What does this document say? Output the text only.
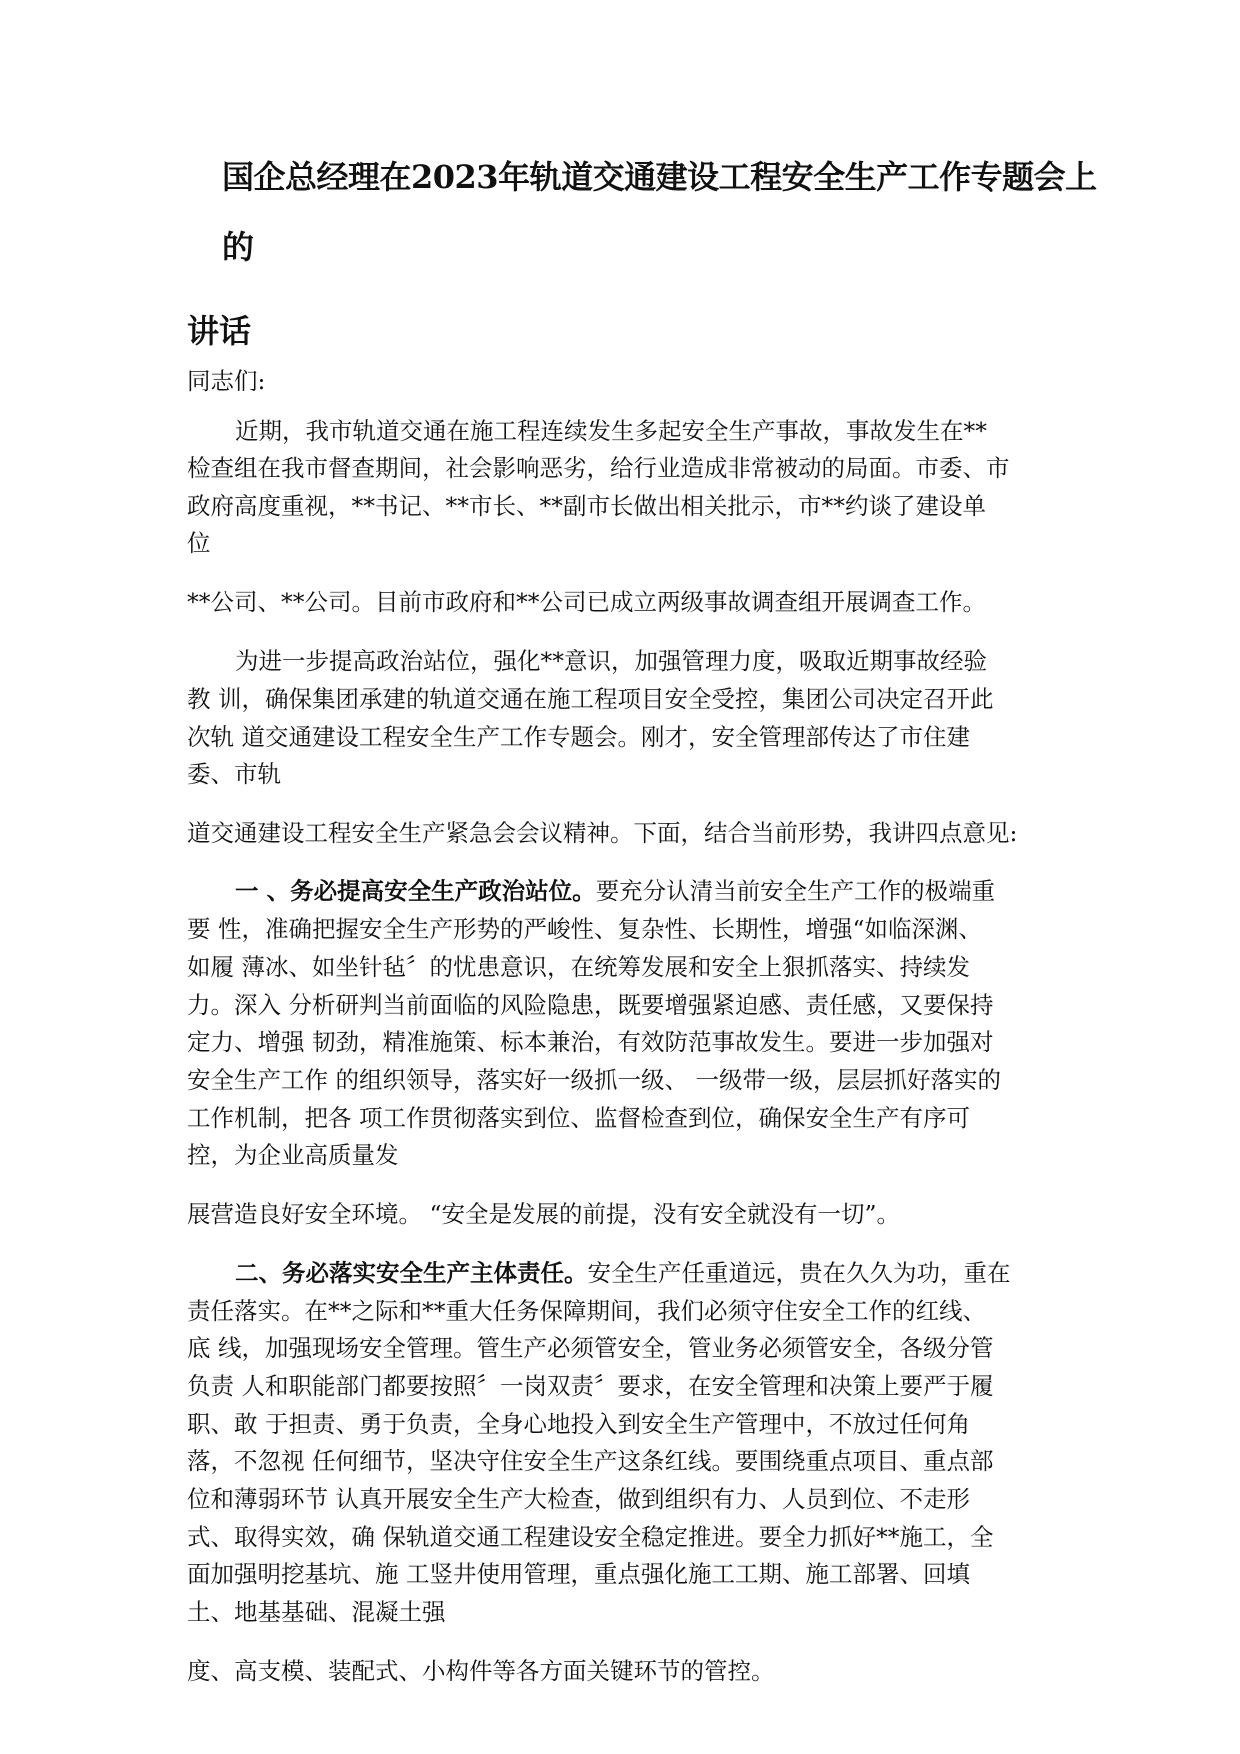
国企总经理在2023年轨道交通建设工程安全生产工作专题会上
的
讲话
同志们:
近期，我市轨道交通在施工程连续发生多起安全生产事故，事故发生在**
检查组在我市督查期间，社会影响恶劣，给行业造成非常被动的局面。市委、市
政府高度重视，**书记、**市长、**副市长做出相关批示，市**约谈了建设单
位
**公司、**公司。目前市政府和**公司已成立两级事故调查组开展调查工作。
为进一步提高政治站位，强化**意识，加强管理力度，吸取近期事故经验
教 训，确保集团承建的轨道交通在施工程项目安全受控，集团公司决定召开此
次轨 道交通建设工程安全生产工作专题会。刚才，安全管理部传达了市住建
委、市轨
道交通建设工程安全生产紧急会会议精神。下面，结合当前形势，我讲四点意见:
一 、务必提高安全生产政治站位。要充分认清当前安全生产工作的极端重
要 性，准确把握安全生产形势的严峻性、复杂性、长期性，增强“如临深渊、
如履 薄冰、如坐针毡〞的忧患意识，在统筹发展和安全上狠抓落实、持续发
力。深入 分析研判当前面临的风险隐患，既要增强紧迫感、责任感，又要保持
定力、增强 韧劲，精准施策、标本兼治，有效防范事故发生。要进一步加强对
安全生产工作 的组织领导，落实好一级抓一级、 一级带一级，层层抓好落实的
工作机制，把各 项工作贯彻落实到位、监督检查到位，确保安全生产有序可
控，为企业高质量发
展营造良好安全环境。 “安全是发展的前提，没有安全就没有一切”。
二、务必落实安全生产主体责任。安全生产任重道远，贵在久久为功，重在
责任落实。在**之际和**重大任务保障期间，我们必须守住安全工作的红线、
底 线，加强现场安全管理。管生产必须管安全，管业务必须管安全，各级分管
负责 人和职能部门都要按照〞一岗双责〞要求，在安全管理和决策上要严于履
职、敢 于担责、勇于负责，全身心地投入到安全生产管理中，不放过任何角
落，不忽视 任何细节，坚决守住安全生产这条红线。要围绕重点项目、重点部
位和薄弱环节 认真开展安全生产大检查，做到组织有力、人员到位、不走形
式、取得实效，确 保轨道交通工程建设安全稳定推进。要全力抓好**施工，全
面加强明挖基坑、施 工竖井使用管理，重点强化施工工期、施工部署、回填
土、地基基础、混凝土强
度、高支模、装配式、小构件等各方面关键环节的管控。
